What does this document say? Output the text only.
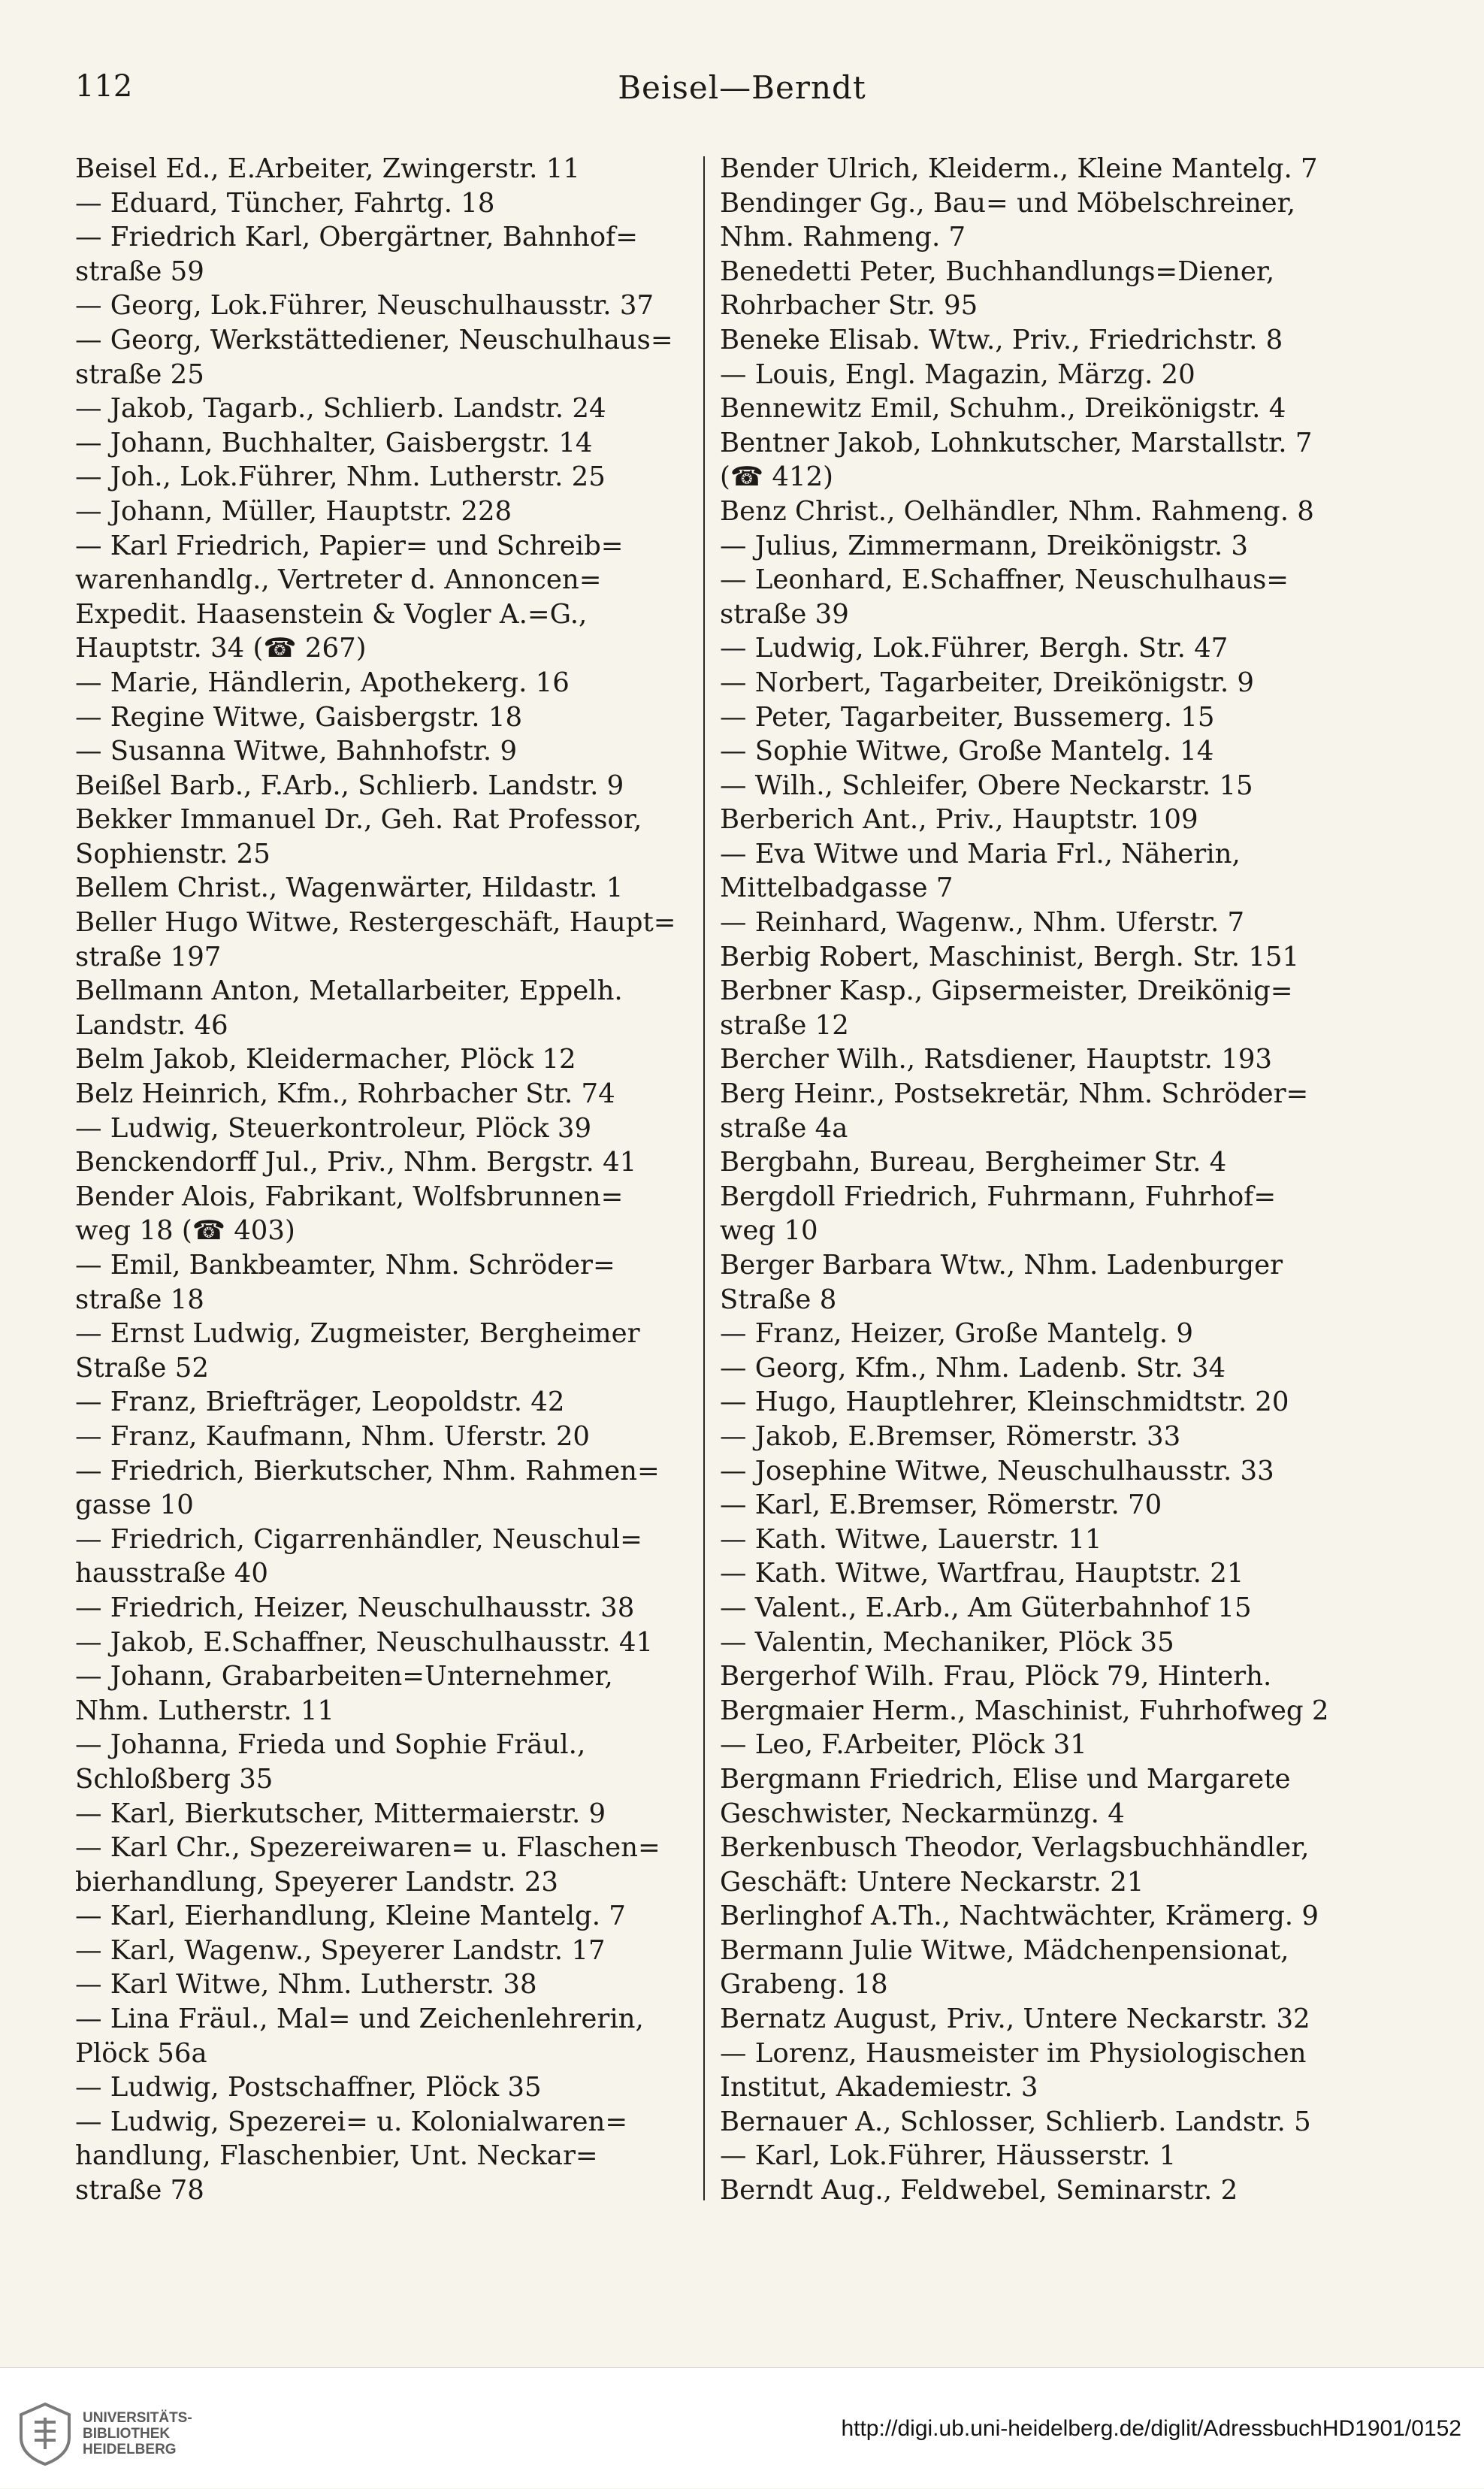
112	Beisel—Berndt
Beisel Ed., E.Arbeiter, Zwingerstr. 11
— Eduard, Tüncher, Fahrtg. 18
— Friedrich Karl, Obergärtner, Bahnhof=
straße 59
— Georg, Lok.Führer, Neuschulhausstr. 37
— Georg, Werkstättediener, Neuschulhaus=
straße 25
— Jakob, Tagarb., Schlierb. Landstr. 24
— Johann, Buchhalter, Gaisbergstr. 14
— Joh., Lok.Führer, Nhm. Lutherstr. 25
— Johann, Müller, Hauptstr. 228
— Karl Friedrich, Papier= und Schreib=
warenhandlg., Vertreter d. Annoncen=
Expedit. Haasenstein & Vogler A.=G.,
Hauptstr. 34 (☎ 267)
— Marie, Händlerin, Apothekerg. 16
— Regine Witwe, Gaisbergstr. 18
— Susanna Witwe, Bahnhofstr. 9
Beißel Barb., F.Arb., Schlierb. Landstr. 9
Bekker Immanuel Dr., Geh. Rat Professor,
Sophienstr. 25
Bellem Christ., Wagenwärter, Hildastr. 1
Beller Hugo Witwe, Restergeschäft, Haupt=
straße 197
Bellmann Anton, Metallarbeiter, Eppelh.
Landstr. 46
Belm Jakob, Kleidermacher, Plöck 12
Belz Heinrich, Kfm., Rohrbacher Str. 74
— Ludwig, Steuerkontroleur, Plöck 39
Benckendorff Jul., Priv., Nhm. Bergstr. 41
Bender Alois, Fabrikant, Wolfsbrunnen=
weg 18 (☎ 403)
— Emil, Bankbeamter, Nhm. Schröder=
straße 18
— Ernst Ludwig, Zugmeister, Bergheimer
Straße 52
— Franz, Briefträger, Leopoldstr. 42
— Franz, Kaufmann, Nhm. Uferstr. 20
— Friedrich, Bierkutscher, Nhm. Rahmen=
gasse 10
— Friedrich, Cigarrenhändler, Neuschul=
hausstraße 40
— Friedrich, Heizer, Neuschulhausstr. 38
— Jakob, E.Schaffner, Neuschulhausstr. 41
— Johann, Grabarbeiten=Unternehmer,
Nhm. Lutherstr. 11
— Johanna, Frieda und Sophie Fräul.,
Schloßberg 35
— Karl, Bierkutscher, Mittermaierstr. 9
— Karl Chr., Spezereiwaren= u. Flaschen=
bierhandlung, Speyerer Landstr. 23
— Karl, Eierhandlung, Kleine Mantelg. 7
— Karl, Wagenw., Speyerer Landstr. 17
— Karl Witwe, Nhm. Lutherstr. 38
— Lina Fräul., Mal= und Zeichenlehrerin,
Plöck 56a
— Ludwig, Postschaffner, Plöck 35
— Ludwig, Spezerei= u. Kolonialwaren=
handlung, Flaschenbier, Unt. Neckar=
straße 78
Bender Ulrich, Kleiderm., Kleine Mantelg. 7
Bendinger Gg., Bau= und Möbelschreiner,
Nhm. Rahmeng. 7
Benedetti Peter, Buchhandlungs=Diener,
Rohrbacher Str. 95
Beneke Elisab. Wtw., Priv., Friedrichstr. 8
— Louis, Engl. Magazin, Märzg. 20
Bennewitz Emil, Schuhm., Dreikönigstr. 4
Bentner Jakob, Lohnkutscher, Marstallstr. 7
(☎ 412)
Benz Christ., Oelhändler, Nhm. Rahmeng. 8
— Julius, Zimmermann, Dreikönigstr. 3
— Leonhard, E.Schaffner, Neuschulhaus=
straße 39
— Ludwig, Lok.Führer, Bergh. Str. 47
— Norbert, Tagarbeiter, Dreikönigstr. 9
— Peter, Tagarbeiter, Bussemerg. 15
— Sophie Witwe, Große Mantelg. 14
— Wilh., Schleifer, Obere Neckarstr. 15
Berberich Ant., Priv., Hauptstr. 109
— Eva Witwe und Maria Frl., Näherin,
Mittelbadgasse 7
— Reinhard, Wagenw., Nhm. Uferstr. 7
Berbig Robert, Maschinist, Bergh. Str. 151
Berbner Kasp., Gipsermeister, Dreikönig=
straße 12
Bercher Wilh., Ratsdiener, Hauptstr. 193
Berg Heinr., Postsekretär, Nhm. Schröder=
straße 4a
Bergbahn, Bureau, Bergheimer Str. 4
Bergdoll Friedrich, Fuhrmann, Fuhrhof=
weg 10
Berger Barbara Wtw., Nhm. Ladenburger
Straße 8
— Franz, Heizer, Große Mantelg. 9
— Georg, Kfm., Nhm. Ladenb. Str. 34
— Hugo, Hauptlehrer, Kleinschmidtstr. 20
— Jakob, E.Bremser, Römerstr. 33
— Josephine Witwe, Neuschulhausstr. 33
— Karl, E.Bremser, Römerstr. 70
— Kath. Witwe, Lauerstr. 11
— Kath. Witwe, Wartfrau, Hauptstr. 21
— Valent., E.Arb., Am Güterbahnhof 15
— Valentin, Mechaniker, Plöck 35
Bergerhof Wilh. Frau, Plöck 79, Hinterh.
Bergmaier Herm., Maschinist, Fuhrhofweg 2
— Leo, F.Arbeiter, Plöck 31
Bergmann Friedrich, Elise und Margarete
Geschwister, Neckarmünzg. 4
Berkenbusch Theodor, Verlagsbuchhändler,
Geschäft: Untere Neckarstr. 21
Berlinghof A.Th., Nachtwächter, Krämerg. 9
Bermann Julie Witwe, Mädchenpensionat,
Grabeng. 18
Bernatz August, Priv., Untere Neckarstr. 32
— Lorenz, Hausmeister im Physiologischen
Institut, Akademiestr. 3
Bernauer A., Schlosser, Schlierb. Landstr. 5
— Karl, Lok.Führer, Häusserstr. 1
Berndt Aug., Feldwebel, Seminarstr. 2
UNIVERSITÄTS-
BIBLIOTHEK
HEIDELBERG
http://digi.ub.uni-heidelberg.de/diglit/AdressbuchHD1901/0152
